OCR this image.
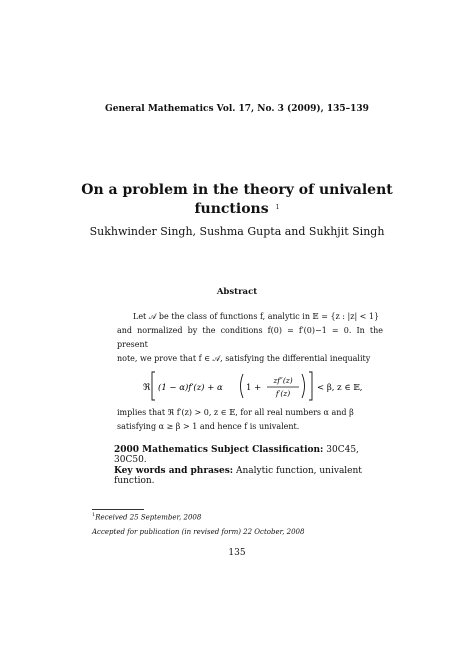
General Mathematics Vol. 17, No. 3 (2009), 135–139
On a problem in the theory of univalent
functions $^1$
Sukhwinder Singh, Sushma Gupta and Sukhjit Singh
Abstract
Let 𝒜 be the class of functions f, analytic in 𝔼 = {z : |z| < 1}
and normalized by the conditions f(0) = f′(0)−1 = 0. In the present
note, we prove that f ∈ 𝒜, satisfying the differential inequality
ℜ (1 − α)f′(z) + α	1 +
zf″(z)
f′(z)
< β, z ∈ 𝔼,
implies that ℜ f′(z) > 0, z ∈ 𝔼, for all real numbers α and β
satisfying α ≥ β > 1 and hence f is univalent.
2000 Mathematics Subject Classification: 30C45, 30C50.
Key words and phrases: Analytic function, univalent function.
$^1$Received 25 September, 2008
Accepted for publication (in revised form) 22 October, 2008
135
